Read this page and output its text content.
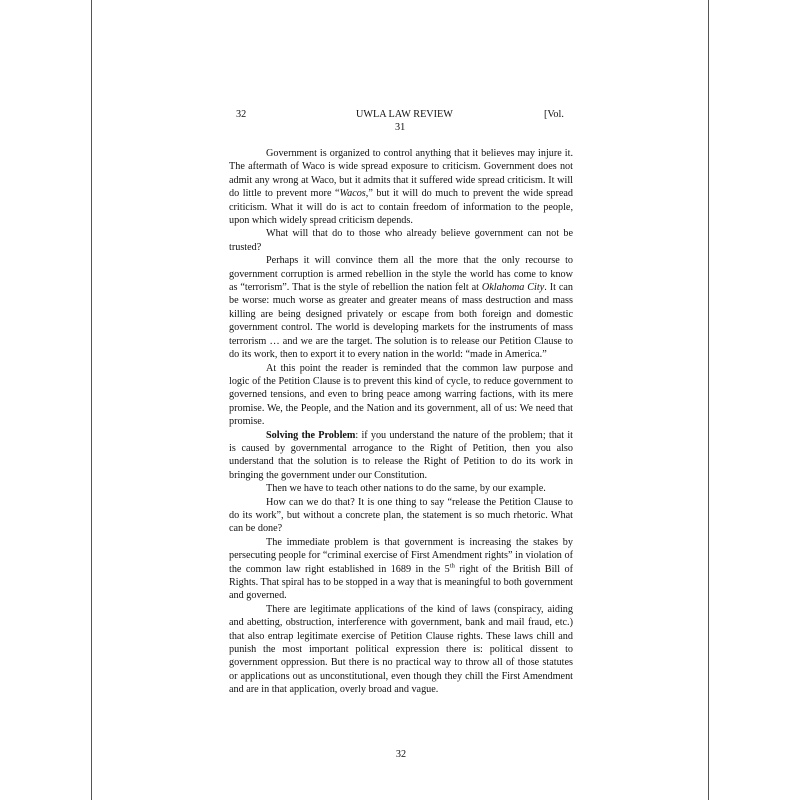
32	UWLA LAW REVIEW	[Vol.
31

Government is organized to control anything that it believes may injure it. The aftermath of Waco is wide spread exposure to criticism. Government does not admit any wrong at Waco, but it admits that it suffered wide spread criticism. It will do little to prevent more “Wacos,” but it will do much to prevent the wide spread criticism. What it will do is act to contain freedom of information to the people, upon which widely spread criticism depends.

What will that do to those who already believe government can not be trusted?

Perhaps it will convince them all the more that the only recourse to government corruption is armed rebellion in the style the world has come to know as “terrorism”. That is the style of rebellion the nation felt at Oklahoma City. It can be worse: much worse as greater and greater means of mass destruction and mass killing are being designed privately or escape from both foreign and domestic government control. The world is developing markets for the instruments of mass terrorism … and we are the target. The solution is to release our Petition Clause to do its work, then to export it to every nation in the world: “made in America.”

At this point the reader is reminded that the common law purpose and logic of the Petition Clause is to prevent this kind of cycle, to reduce government to governed tensions, and even to bring peace among warring factions, with its mere promise. We, the People, and the Nation and its government, all of us: We need that promise.

Solving the Problem: if you understand the nature of the problem; that it is caused by governmental arrogance to the Right of Petition, then you also understand that the solution is to release the Right of Petition to do its work in bringing the government under our Constitution.

Then we have to teach other nations to do the same, by our example.

How can we do that? It is one thing to say “release the Petition Clause to do its work”, but without a concrete plan, the statement is so much rhetoric. What can be done?

The immediate problem is that government is increasing the stakes by persecuting people for “criminal exercise of First Amendment rights” in violation of the common law right established in 1689 in the 5th right of the British Bill of Rights. That spiral has to be stopped in a way that is meaningful to both government and governed.

There are legitimate applications of the kind of laws (conspiracy, aiding and abetting, obstruction, interference with government, bank and mail fraud, etc.) that also entrap legitimate exercise of Petition Clause rights. These laws chill and punish the most important political expression there is: political dissent to government oppression. But there is no practical way to throw all of those statutes or applications out as unconstitutional, even though they chill the First Amendment and are in that application, overly broad and vague.

32
